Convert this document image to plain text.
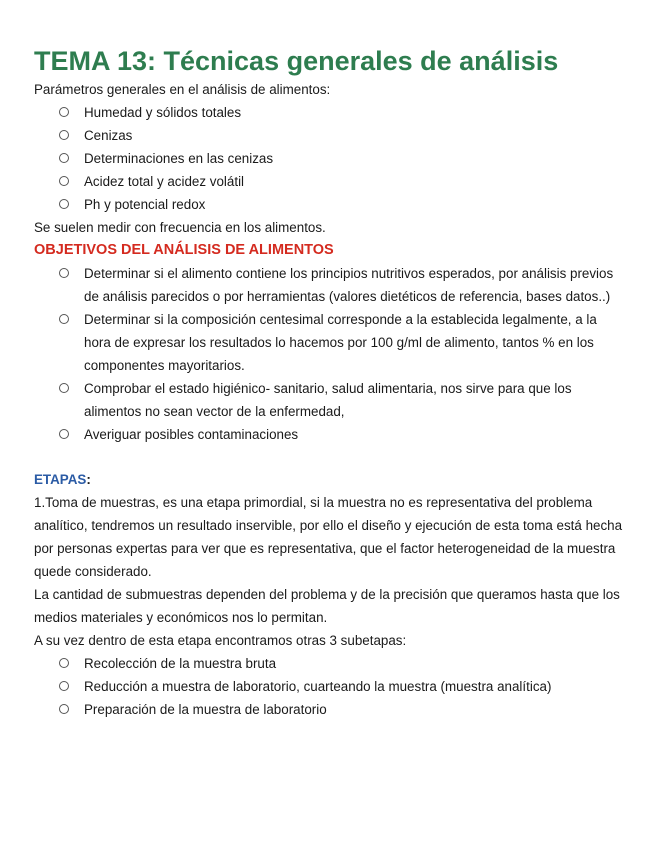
TEMA 13: Técnicas generales de análisis

Parámetros generales en el análisis de alimentos:

Humedad y sólidos totales
Cenizas
Determinaciones en las cenizas
Acidez total y acidez volátil
Ph y potencial redox

Se suelen medir con frecuencia en los alimentos.

OBJETIVOS DEL ANÁLISIS DE ALIMENTOS
Determinar si el alimento contiene los principios nutritivos esperados, por análisis previos de análisis parecidos o por herramientas (valores dietéticos de referencia, bases datos..)
Determinar si la composición centesimal corresponde a la establecida legalmente, a la hora de expresar los resultados lo hacemos por 100 g/ml de alimento, tantos % en los componentes mayoritarios.
Comprobar el estado higiénico- sanitario, salud alimentaria, nos sirve para que los alimentos no sean vector de la enfermedad,
Averiguar posibles contaminaciones
ETAPAS:

1.Toma de muestras, es una etapa primordial, si la muestra no es representativa del problema analítico, tendremos un resultado inservible, por ello el diseño y ejecución de esta toma está hecha por personas expertas para ver que es representativa, que el factor heterogeneidad de la muestra quede considerado.

La cantidad de submuestras dependen del problema y de la precisión que queramos hasta que los medios materiales y económicos nos lo permitan.

A su vez dentro de esta etapa encontramos otras 3 subetapas:

Recolección de la muestra bruta
Reducción a muestra de laboratorio, cuarteando la muestra (muestra analítica)
Preparación de la muestra de laboratorio
